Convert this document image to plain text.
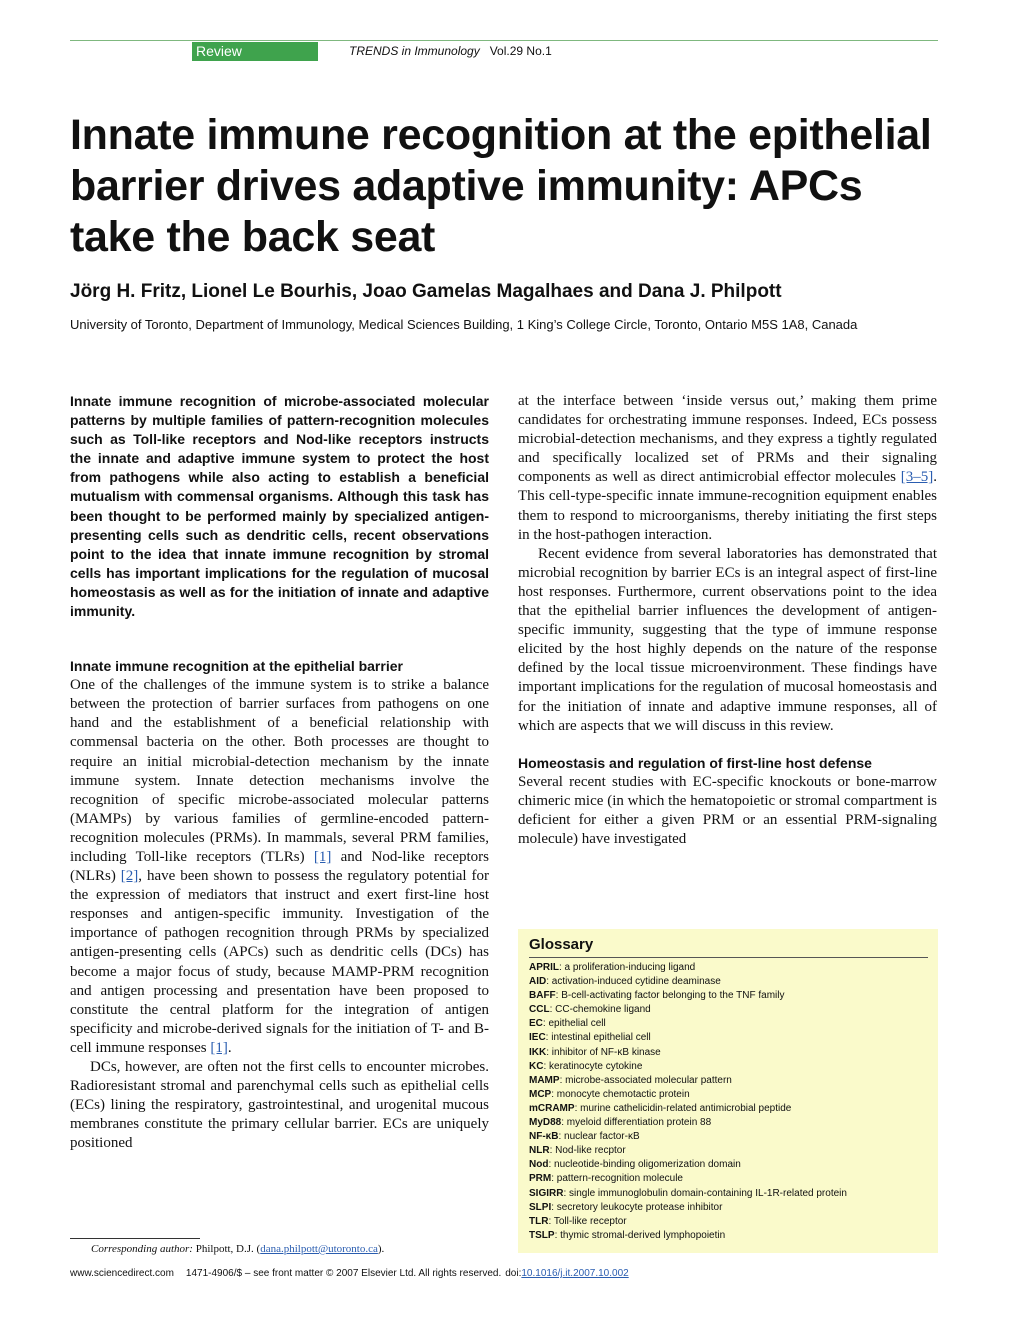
Review	TRENDS in Immunology Vol.29 No.1
Innate immune recognition at the epithelial barrier drives adaptive immunity: APCs take the back seat
Jörg H. Fritz, Lionel Le Bourhis, Joao Gamelas Magalhaes and Dana J. Philpott
University of Toronto, Department of Immunology, Medical Sciences Building, 1 King’s College Circle, Toronto, Ontario M5S 1A8, Canada

Innate immune recognition of microbe-associated molecular patterns by multiple families of pattern-recognition molecules such as Toll-like receptors and Nod-like receptors instructs the innate and adaptive immune system to protect the host from pathogens while also acting to establish a beneficial mutualism with commensal organisms. Although this task has been thought to be performed mainly by specialized antigen-presenting cells such as dendritic cells, recent observations point to the idea that innate immune recognition by stromal cells has important implications for the regulation of mucosal homeostasis as well as for the initiation of innate and adaptive immunity.

Innate immune recognition at the epithelial barrier

One of the challenges of the immune system is to strike a balance between the protection of barrier surfaces from pathogens on one hand and the establishment of a beneficial relationship with commensal bacteria on the other. Both processes are thought to require an initial microbial-detection mechanism by the innate immune system. Innate detection mechanisms involve the recognition of specific microbe-associated molecular patterns (MAMPs) by various families of germline-encoded pattern-recognition molecules (PRMs). In mammals, several PRM families, including Toll-like receptors (TLRs) [1] and Nod-like receptors (NLRs) [2], have been shown to possess the regulatory potential for the expression of mediators that instruct and exert first-line host responses and antigen-specific immunity. Investigation of the importance of pathogen recognition through PRMs by specialized antigen-presenting cells (APCs) such as dendritic cells (DCs) has become a major focus of study, because MAMP-PRM recognition and antigen processing and presentation have been proposed to constitute the central platform for the integration of antigen specificity and microbe-derived signals for the initiation of T- and B-cell immune responses [1].

DCs, however, are often not the first cells to encounter microbes. Radioresistant stromal and parenchymal cells such as epithelial cells (ECs) lining the respiratory, gastrointestinal, and urogenital mucous membranes constitute the primary cellular barrier. ECs are uniquely positioned

at the interface between ‘inside versus out,’ making them prime candidates for orchestrating immune responses. Indeed, ECs possess microbial-detection mechanisms, and they express a tightly regulated and specifically localized set of PRMs and their signaling components as well as direct antimicrobial effector molecules [3–5]. This cell-type-specific innate immune-recognition equipment enables them to respond to microorganisms, thereby initiating the first steps in the host-pathogen interaction.

Recent evidence from several laboratories has demonstrated that microbial recognition by barrier ECs is an integral aspect of first-line host responses. Furthermore, current observations point to the idea that the epithelial barrier influences the development of antigen-specific immunity, suggesting that the type of immune response elicited by the host highly depends on the nature of the response defined by the local tissue microenvironment. These findings have important implications for the regulation of mucosal homeostasis and for the initiation of innate and adaptive immune responses, all of which are aspects that we will discuss in this review.

Homeostasis and regulation of first-line host defense

Several recent studies with EC-specific knockouts or bone-marrow chimeric mice (in which the hematopoietic or stromal compartment is deficient for either a given PRM or an essential PRM-signaling molecule) have investigated

Glossary
APRIL: a proliferation-inducing ligand
AID: activation-induced cytidine deaminase
BAFF: B-cell-activating factor belonging to the TNF family
CCL: CC-chemokine ligand
EC: epithelial cell
IEC: intestinal epithelial cell
IKK: inhibitor of NF-κB kinase
KC: keratinocyte cytokine
MAMP: microbe-associated molecular pattern
MCP: monocyte chemotactic protein
mCRAMP: murine cathelicidin-related antimicrobial peptide
MyD88: myeloid differentiation protein 88
NF-κB: nuclear factor-κB
NLR: Nod-like recptor
Nod: nucleotide-binding oligomerization domain
PRM: pattern-recognition molecule
SIGIRR: single immunoglobulin domain-containing IL-1R-related protein
SLPI: secretory leukocyte protease inhibitor
TLR: Toll-like receptor
TSLP: thymic stromal-derived lymphopoietin
Corresponding author: Philpott, D.J. (dana.philpott@utoronto.ca).
www.sciencedirect.com 1471-4906/$ – see front matter © 2007 Elsevier Ltd. All rights reserved. doi:10.1016/j.it.2007.10.002
